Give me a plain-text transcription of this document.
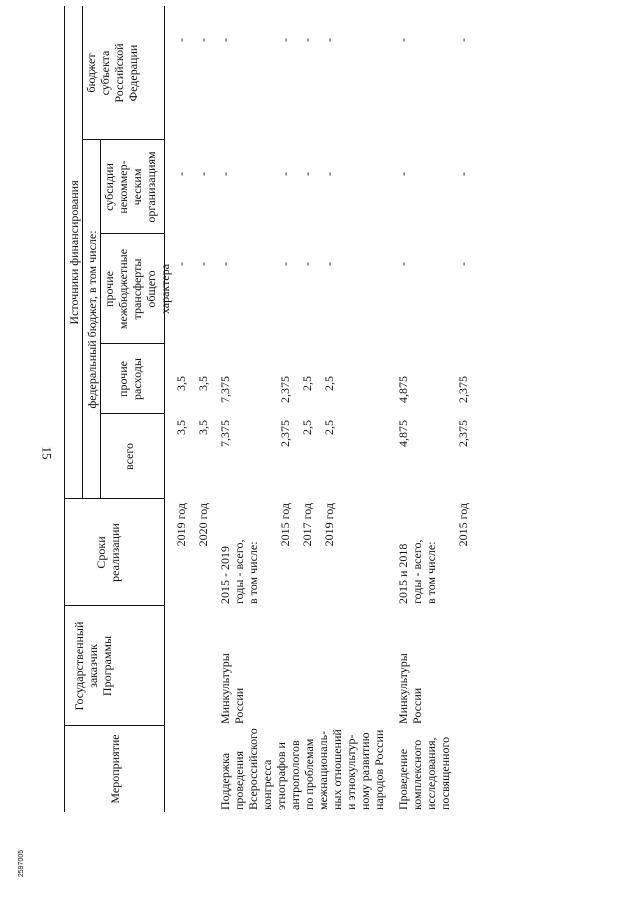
15
2597005
Мероприятие
Государственный заказчик Программы
Сроки реализации
Источники финансирования федеральный бюджет, в том числе:
всего
прочие расходы
прочие межбюджетные трансферты общего характера
субсидии некоммер- ческим организациям
бюджет субъекта Российской Федерации
2019 год
3,5
3,5
-
-
-
2020 год
3,5
3,5
-
-
-
Поддержка проведения Всероссийского конгресса этнографов и антропологов по проблемам межнациональ- ных отношений и этнокультур- ному развитию народов России
Минкультуры России
2015 - 2019 годы - всего, в том числе:
7,375
7,375
-
-
-
2015 год
2,375
2,375
-
-
-
2017 год
2,5
2,5
-
-
-
2019 год
2,5
2,5
-
-
-
Проведение комплексного исследования, посвященного
Минкультуры России
2015 и 2018 годы - всего, в том числе:
4,875
4,875
-
-
-
2015 год
2,375
2,375
-
-
-
